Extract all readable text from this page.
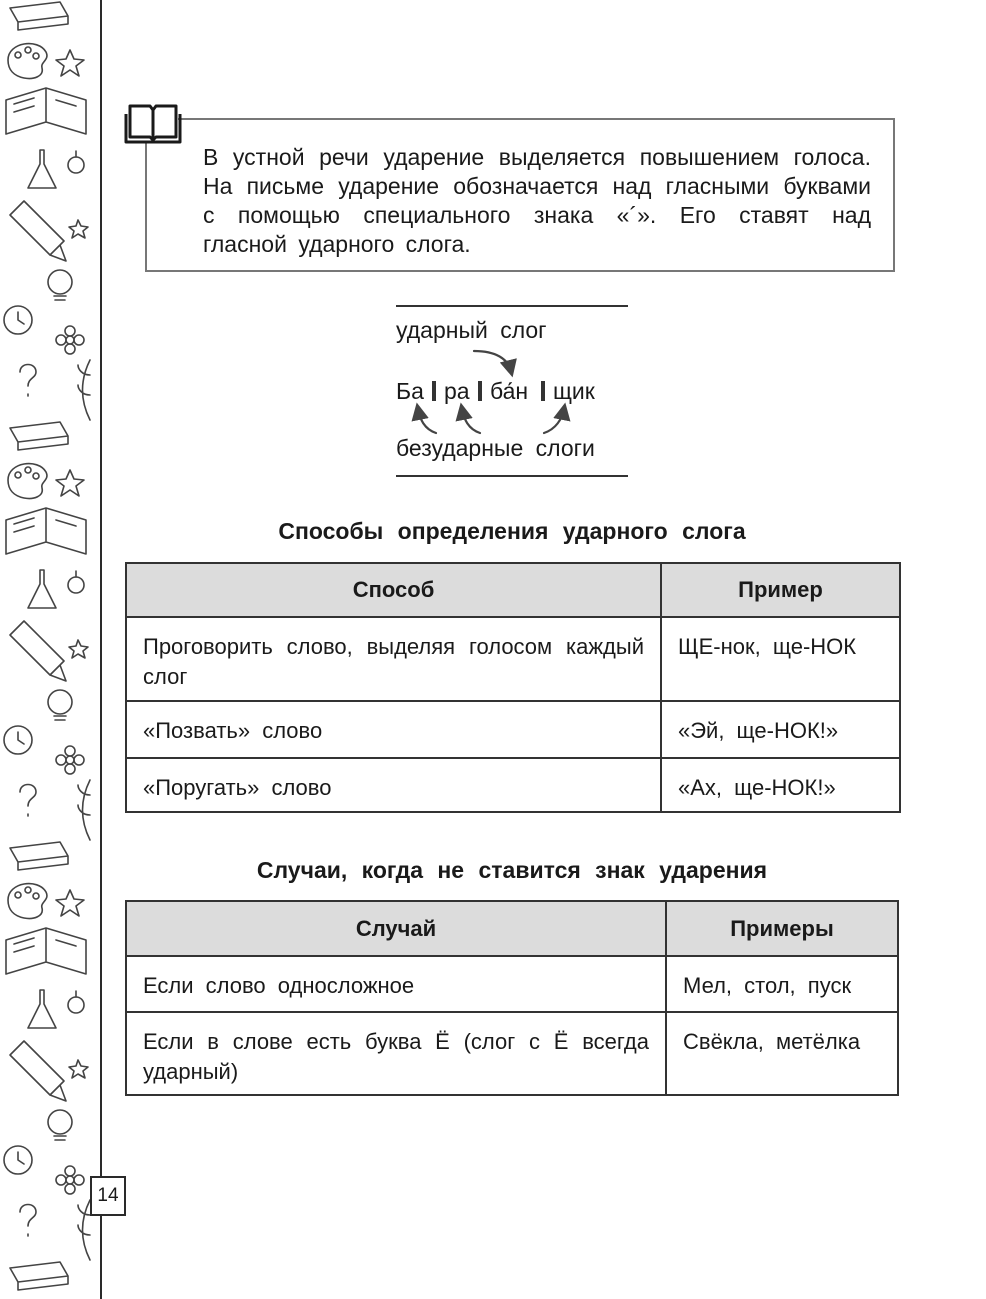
14

В устной речи ударение выделяется повышением голоса. На письме ударение обозначается над гласными буквами с помощью специального знака «´». Его ставят над гласной ударного слога.

ударный слог
Ба ра ба́н щик
безударные слоги
Способы определения ударного слога
Способ	Пример
Проговорить слово, выделяя голосом каждый слог	ЩЕ-нок, ще-НОК
«Позвать» слово	«Эй, ще-НОК!»
«Поругать» слово	«Ах, ще-НОК!»
Случаи, когда не ставится знак ударения
Случай	Примеры
Если слово односложное	Мел, стол, пуск
Если в слове есть буква Ё (слог с Ё всегда ударный)	Свёкла, метёлка
